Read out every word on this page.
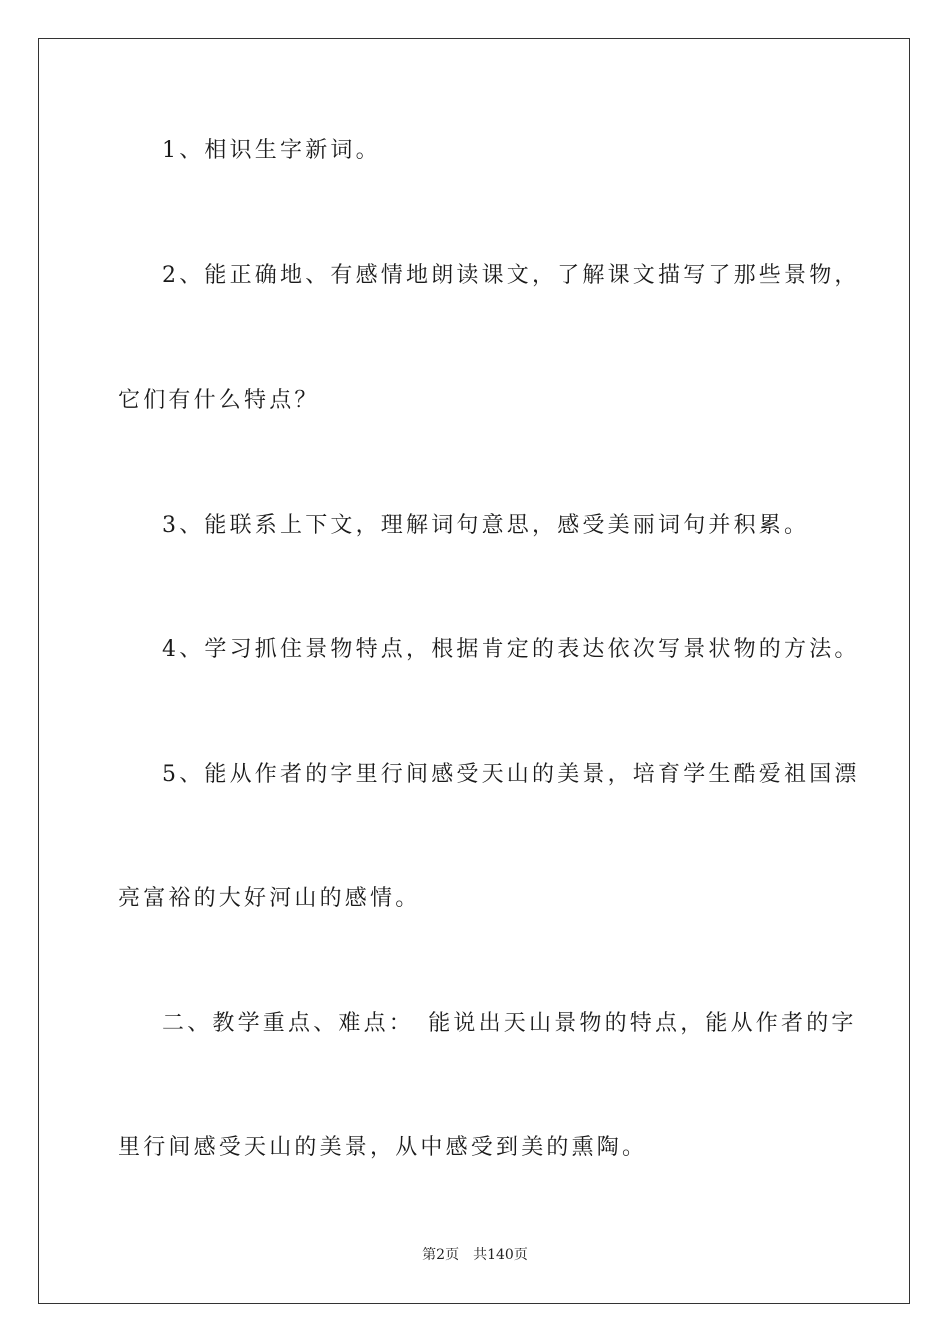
1、相识生字新词。
2、能正确地、有感情地朗读课文，了解课文描写了那些景物，
它们有什么特点？
3、能联系上下文，理解词句意思，感受美丽词句并积累。
4、学习抓住景物特点，根据肯定的表达依次写景状物的方法。
5、能从作者的字里行间感受天山的美景，培育学生酷爱祖国漂
亮富裕的大好河山的感情。
二、教学重点、难点：　能说出天山景物的特点，能从作者的字
里行间感受天山的美景，从中感受到美的熏陶。
第2页 共140页
